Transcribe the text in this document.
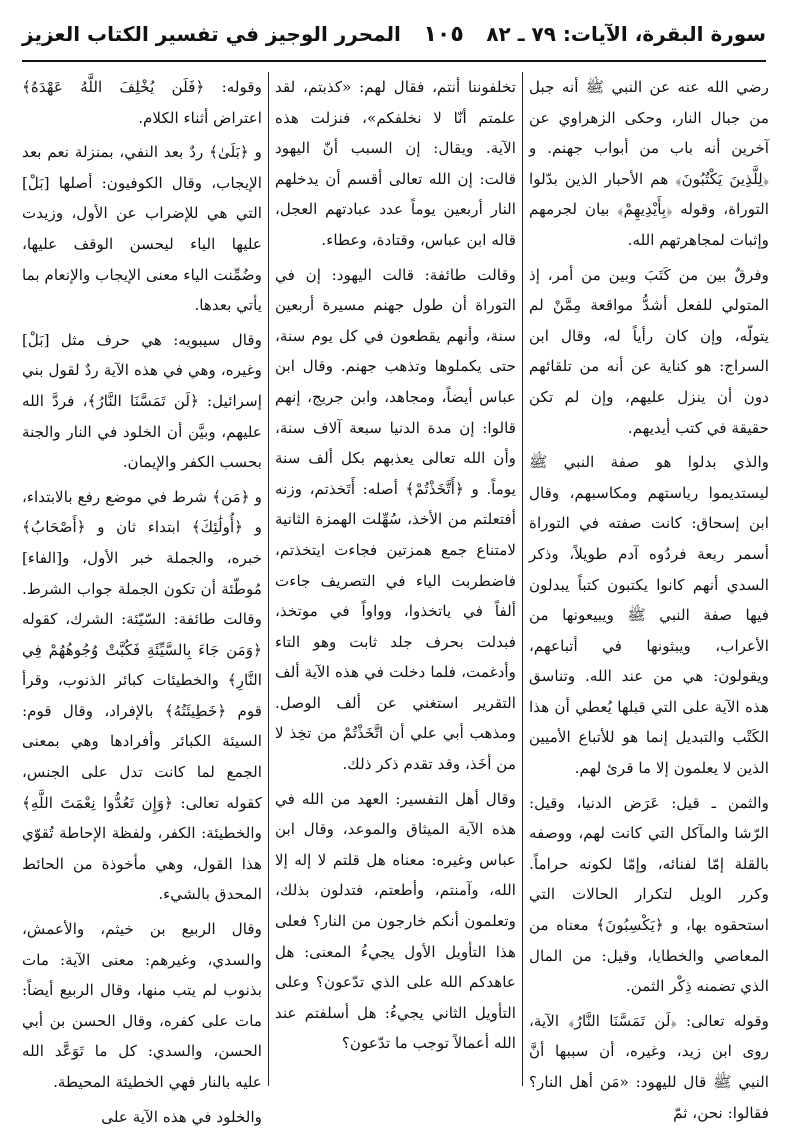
سورة البقرة، الآيات: ٧٩ ـ ٨٢
١٠٥
المحرر الوجيز في تفسير الكتاب العزيز

رضي الله عنه عن النبي ﷺ أنه جبل من جبال النار، وحكى الزهراوي عن آخرين أنه باب من أبواب جهنم. و ﴿لِلَّذِينَ يَكْتُبُونَ﴾ هم الأحبار الذين بدّلوا التوراة، وقوله ﴿بِأَيْدِيهِمْ﴾ بيان لجرمهم وإثبات لمجاهرتهم الله.

وفرقٌ بين من كَتَبَ وبين من أمر، إذ المتولي للفعل أشدُّ مواقعة مِمَّنْ لم يتولّه، وإن كان رأياً له، وقال ابن السراج: هو كناية عن أنه من تلقائهم دون أن ينزل عليهم، وإن لم تكن حقيقة في كتب أيديهم.

والذي بدلوا هو صفة النبي ﷺ ليستديموا رياستهم ومكاسبهم، وقال ابن إسحاق: كانت صفته في التوراة أسمر ربعة فردُوه آدم طويلاً، وذكر السدي أنهم كانوا يكتبون كتباً يبدلون فيها صفة النبي ﷺ ويبيعونها من الأعراب، ويبثونها في أتباعهم، ويقولون: هي من عند الله. وتناسق هذه الآية على التي قبلها يُعطي أن هذا الكَتْب والتبديل إنما هو للأتباع الأميين الذين لا يعلمون إلا ما قرئ لهم.

والثمن ـ قيل: عَرَض الدنيا، وقيل: الرّشا والمآكل التي كانت لهم، ووصفه بالقلة إمّا لفنائه، وإمّا لكونه حراماً. وكرر الويل لتكرار الحالات التي استحقوه بها، و ﴿يَكْسِبُونَ﴾ معناه من المعاصي والخطايا، وقيل: من المال الذي تضمنه ذِكْر الثمن.

وقوله تعالى: ﴿لَن تَمَسَّنَا النَّارُ﴾ الآية، روى ابن زيد، وغيره، أن سببها أنَّ النبي ﷺ قال لليهود: «مَن أهل النار؟ فقالوا: نحن، ثمّ

تخلفوننا أنتم، فقال لهم: «كذبتم، لقد علمتم أنّا لا نخلفكم»، فنزلت هذه الآية. ويقال: إن السبب أنّ اليهود قالت: إن الله تعالى أقسم أن يدخلهم النار أربعين يوماً عدد عبادتهم العجل، قاله ابن عباس، وقتادة، وعطاء.

وقالت طائفة: قالت اليهود: إن في التوراة أن طول جهنم مسيرة أربعين سنة، وأنهم يقطعون في كل يوم سنة، حتى يكملوها وتذهب جهنم. وقال ابن عباس أيضاً، ومجاهد، وابن جريج، إنهم قالوا: إن مدة الدنيا سبعة آلاف سنة، وأن الله تعالى يعذبهم بكل ألف سنة يوماً. و ﴿أَتَّخَذْتُمْ﴾ أصله: أَتَخذتم، وزنه أفتعلتم من الأخذ، سُهِّلت الهمزة الثانية لامتناع جمع همزتين فجاءت ايتخذتم، فاضطربت الياء في التصريف جاءت ألفاً في ياتخذوا، وواواً في موتخذ، فبدلت بحرف جلد ثابت وهو التاء وأدغمت، فلما دخلت في هذه الآية ألف التقرير استغني عن ألف الوصل. ومذهب أبي علي أن اتَّخَذْتُمْ من تخِذ لا من أخَذ، وقد تقدم ذكر ذلك.

وقال أهل التفسير: العهد من الله في هذه الآية الميثاق والموعد، وقال ابن عباس وغيره: معناه هل قلتم لا إله إلا الله، وآمنتم، وأطعتم، فتدلون بذلك، وتعلمون أنكم خارجون من النار؟ فعلى هذا التأويل الأول يجيءُ المعنى: هل عاهدكم الله على الذي تدّعون؟ وعلى التأويل الثاني يجيءُ: هل أسلفتم عند الله أعمالاً توجب ما تدّعون؟

وقوله: ﴿فَلَن يُخْلِفَ اللَّهُ عَهْدَهُ﴾ اعتراض أثناء الكلام.

و ﴿بَلَىٰ﴾ ردٌ بعد النفي، بمنزلة نعم بعد الإيجاب، وقال الكوفيون: أصلها [بَلْ] التي هي للإضراب عن الأول، وزيدت عليها الياء ليحسن الوقف عليها، وضُمِّنت الياء معنى الإيجاب والإنعام بما يأتي بعدها.

وقال سيبويه: هي حرف مثل [بَلْ] وغيره، وهي في هذه الآية ردٌ لقول بني إسرائيل: ﴿لَن تَمَسَّنَا النَّارُ﴾، فردَّ الله عليهم، وبيَّن أن الخلود في النار والجنة بحسب الكفر والإيمان.

و ﴿مَن﴾ شرط في موضع رفع بالابتداء، و ﴿أُولَٰئِكَ﴾ ابتداء ثان و ﴿أَصْحَابُ﴾ خبره، والجملة خبر الأول، و[الفاء] مُوطّئة أن تكون الجملة جواب الشرط. وقالت طائفة: السّيّئة: الشرك، كقوله ﴿وَمَن جَاءَ بِالسَّيِّئَةِ فَكُبَّتْ وُجُوهُهُمْ فِي النَّارِ﴾ والخطيئات كبائر الذنوب، وقرأ قوم ﴿خَطِيئَتُهُ﴾ بالإفراد، وقال قوم: السيئة الكبائر وأفرادها وهي بمعنى الجمع لما كانت تدل على الجنس، كقوله تعالى: ﴿وَإِن تَعُدُّوا نِعْمَتَ اللَّهِ﴾ والخطيئة: الكفر، ولفظة الإحاطة تُقوّي هذا القول، وهي مأخوذة من الحائط المحدق بالشيء.

وقال الربيع بن خيثم، والأعمش، والسدي، وغيرهم: معنى الآية: مات بذنوب لم يتب منها، وقال الربيع أيضاً: مات على كفره، وقال الحسن بن أبي الحسن، والسدي: كل ما تَوَعَّد الله عليه بالنار فهي الخطيئة المحيطة.

والخلود في هذه الآية على
